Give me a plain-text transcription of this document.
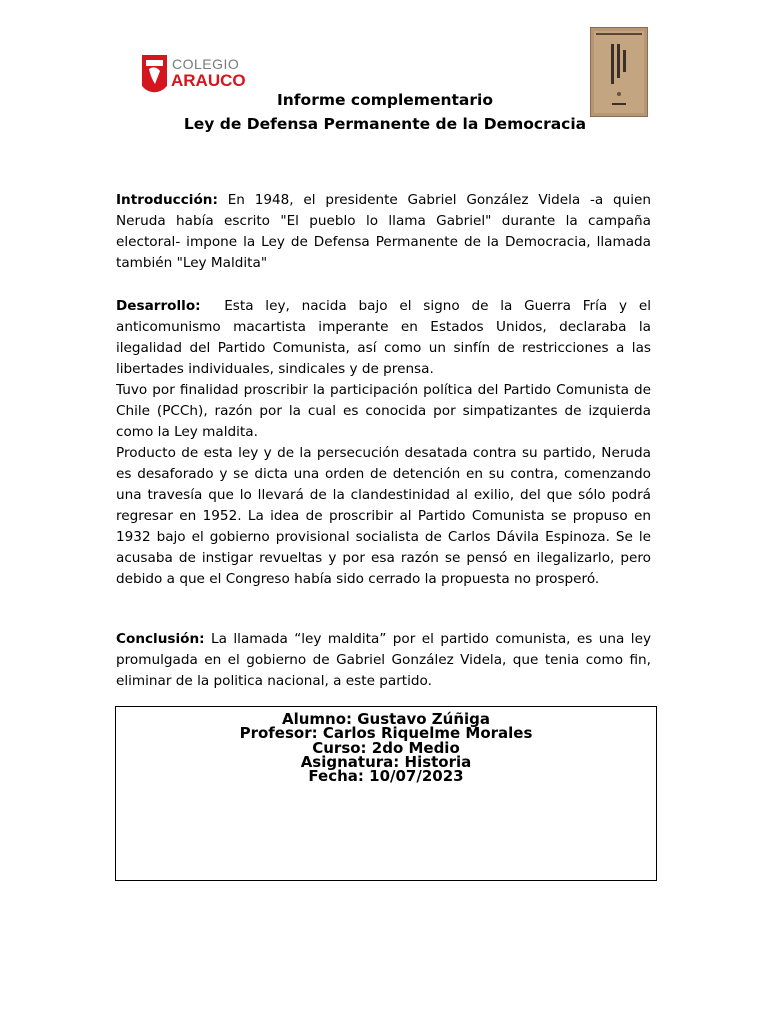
COLEGIO
ARAUCO
Informe complementario
Ley de Defensa Permanente de la Democracia

Introducción: En 1948, el presidente Gabriel González Videla -a quien Neruda había escrito "El pueblo lo llama Gabriel" durante la campaña electoral- impone la Ley de Defensa Permanente de la Democracia, llamada también "Ley Maldita"

Desarrollo: Esta ley, nacida bajo el signo de la Guerra Fría y el anticomunismo macartista imperante en Estados Unidos, declaraba la ilegalidad del Partido Comunista, así como un sinfín de restricciones a las libertades individuales, sindicales y de prensa.

Tuvo por finalidad proscribir la participación política del Partido Comunista de Chile (PCCh), razón por la cual es conocida por simpatizantes de izquierda como la Ley maldita.

Producto de esta ley y de la persecución desatada contra su partido, Neruda es desaforado y se dicta una orden de detención en su contra, comenzando una travesía que lo llevará de la clandestinidad al exilio, del que sólo podrá regresar en 1952. La idea de proscribir al Partido Comunista se propuso en 1932 bajo el gobierno provisional socialista de Carlos Dávila Espinoza. Se le acusaba de instigar revueltas y por esa razón se pensó en ilegalizarlo, pero debido a que el Congreso había sido cerrado la propuesta no prosperó.

Conclusión: La llamada “ley maldita” por el partido comunista, es una ley promulgada en el gobierno de Gabriel González Videla, que tenia como fin, eliminar de la politica nacional, a este partido.

Alumno: Gustavo Zúñiga
Profesor: Carlos Riquelme Morales
Curso: 2do Medio
Asignatura: Historia
Fecha: 10/07/2023
